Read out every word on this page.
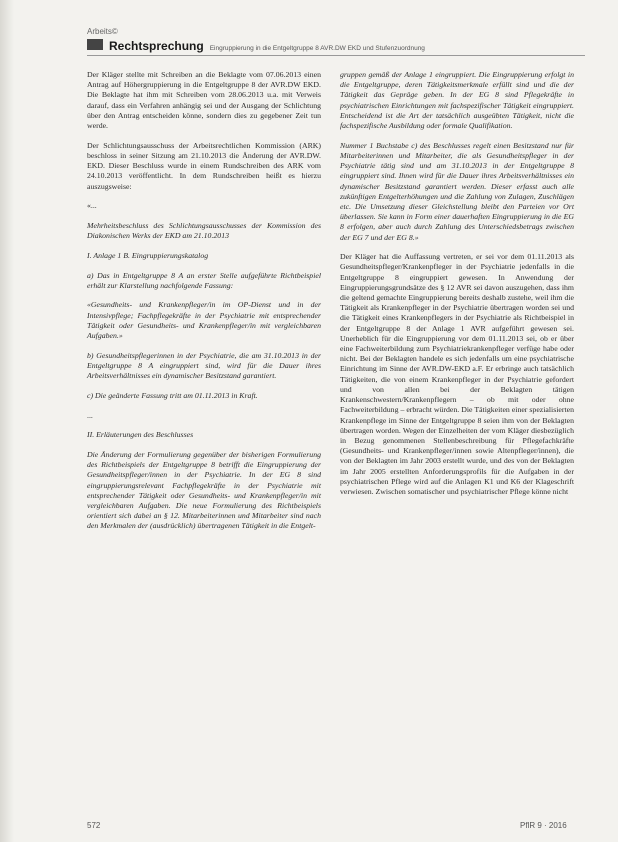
Arbeits©
Rechtsprechung Eingruppierung in die Entgeltgruppe 8 AVR.DW EKD und Stufenzuordnung

Der Kläger stellte mit Schreiben an die Beklagte vom 07.06.2013 einen Antrag auf Höhergruppierung in die Entgeltgruppe 8 der AVR.DW EKD. Die Beklagte hat ihm mit Schreiben vom 28.06.2013 u.a. mit Verweis darauf, dass ein Verfahren anhängig sei und der Ausgang der Schlichtung über den Antrag entscheiden könne, sondern dies zu gegebener Zeit tun werde.

Der Schlichtungsausschuss der Arbeitsrechtlichen Kommission (ARK) beschloss in seiner Sitzung am 21.10.2013 die Änderung der AVR.DW. EKD. Dieser Beschluss wurde in einem Rundschreiben des ARK vom 24.10.2013 veröffentlicht. In dem Rundschreiben heißt es hierzu auszugsweise:

«...

Mehrheitsbeschluss des Schlichtungsausschusses der Kommission des Diakonischen Werks der EKD am 21.10.2013

I. Anlage 1 B. Eingruppierungskatalog

a) Das in Entgeltgruppe 8 A an erster Stelle aufgeführte Richtbeispiel erhält zur Klarstellung nachfolgende Fassung:

«Gesundheits- und Krankenpfleger/in im OP-Dienst und in der Intensivpflege; Fachpflegekräfte in der Psychiatrie mit entsprechender Tätigkeit oder Gesundheits- und Krankenpfleger/in mit vergleichbaren Aufgaben.»

b) Gesundheitspflegerinnen in der Psychiatrie, die am 31.10.2013 in der Entgeltgruppe 8 A eingruppiert sind, wird für die Dauer ihres Arbeitsverhältnisses ein dynamischer Besitzstand garantiert.

c) Die geänderte Fassung tritt am 01.11.2013 in Kraft.

...

II. Erläuterungen des Beschlusses

Die Änderung der Formulierung gegenüber der bisherigen Formulierung des Richtbeispiels der Entgeltgruppe 8 betrifft die Eingruppierung der Gesundheitspfleger/innen in der Psychiatrie. In der EG 8 sind eingruppierungsrelevant Fachpflegekräfte in der Psychiatrie mit entsprechender Tätigkeit oder Gesundheits- und Krankenpfleger/in mit vergleichbaren Aufgaben. Die neue Formulierung des Richtbeispiels orientiert sich dabei an § 12. Mitarbeiterinnen und Mitarbeiter sind nach den Merkmalen der (ausdrücklich) übertragenen Tätigkeit in die Entgelt-

gruppen gemäß der Anlage 1 eingruppiert. Die Eingruppierung erfolgt in die Entgeltgruppe, deren Tätigkeitsmerkmale erfüllt sind und die der Tätigkeit das Gepräge geben. In der EG 8 sind Pflegekräfte in psychiatrischen Einrichtungen mit fachspezifischer Tätigkeit eingruppiert. Entscheidend ist die Art der tatsächlich ausgeübten Tätigkeit, nicht die fachspezifische Ausbildung oder formale Qualifikation.

Nummer 1 Buchstabe c) des Beschlusses regelt einen Besitzstand nur für Mitarbeiterinnen und Mitarbeiter, die als Gesundheitspfleger in der Psychiatrie tätig sind und am 31.10.2013 in der Entgeltgruppe 8 eingruppiert sind. Ihnen wird für die Dauer ihres Arbeitsverhältnisses ein dynamischer Besitzstand garantiert werden. Dieser erfasst auch alle zukünftigen Entgelterhöhungen und die Zahlung von Zulagen, Zuschlägen etc. Die Umsetzung dieser Gleichstellung bleibt den Parteien vor Ort überlassen. Sie kann in Form einer dauerhaften Eingruppierung in die EG 8 erfolgen, aber auch durch Zahlung des Unterschiedsbetrags zwischen der EG 7 und der EG 8.»

Der Kläger hat die Auffassung vertreten, er sei vor dem 01.11.2013 als Gesundheitspfleger/Krankenpfleger in der Psychiatrie jedenfalls in die Entgeltgruppe 8 eingruppiert gewesen. In Anwendung der Eingruppierungsgrundsätze des § 12 AVR sei davon auszugehen, dass ihm die geltend gemachte Eingruppierung bereits deshalb zustehe, weil ihm die Tätigkeit als Krankenpfleger in der Psychiatrie übertragen worden sei und die Tätigkeit eines Krankenpflegers in der Psychiatrie als Richtbeispiel in der Entgeltgruppe 8 der Anlage 1 AVR aufgeführt gewesen sei. Unerheblich für die Eingruppierung vor dem 01.11.2013 sei, ob er über eine Fachweiterbildung zum Psychiatriekrankenpfleger verfüge habe oder nicht. Bei der Beklagten handele es sich jedenfalls um eine psychiatrische Einrichtung im Sinne der AVR.DW-EKD a.F. Er erbringe auch tatsächlich Tätigkeiten, die von einem Krankenpfleger in der Psychiatrie gefordert und von allen bei der Beklagten tätigen Krankenschwestern/Krankenpflegern – ob mit oder ohne Fachweiterbildung – erbracht würden. Die Tätigkeiten einer spezialisierten Krankenpflege im Sinne der Entgeltgruppe 8 seien ihm von der Beklagten übertragen worden. Wegen der Einzelheiten der vom Kläger diesbezüglich in Bezug genommenen Stellenbeschreibung für Pflegefachkräfte (Gesundheits- und Krankenpfleger/innen sowie Altenpfleger/innen), die von der Beklagten im Jahr 2003 erstellt wurde, und des von der Beklagten im Jahr 2005 erstellten Anforderungsprofils für die Aufgaben in der psychiatrischen Pflege wird auf die Anlagen K1 und K6 der Klageschrift verwiesen. Zwischen somatischer und psychiatrischer Pflege könne nicht

572	PflR 9 · 2016
